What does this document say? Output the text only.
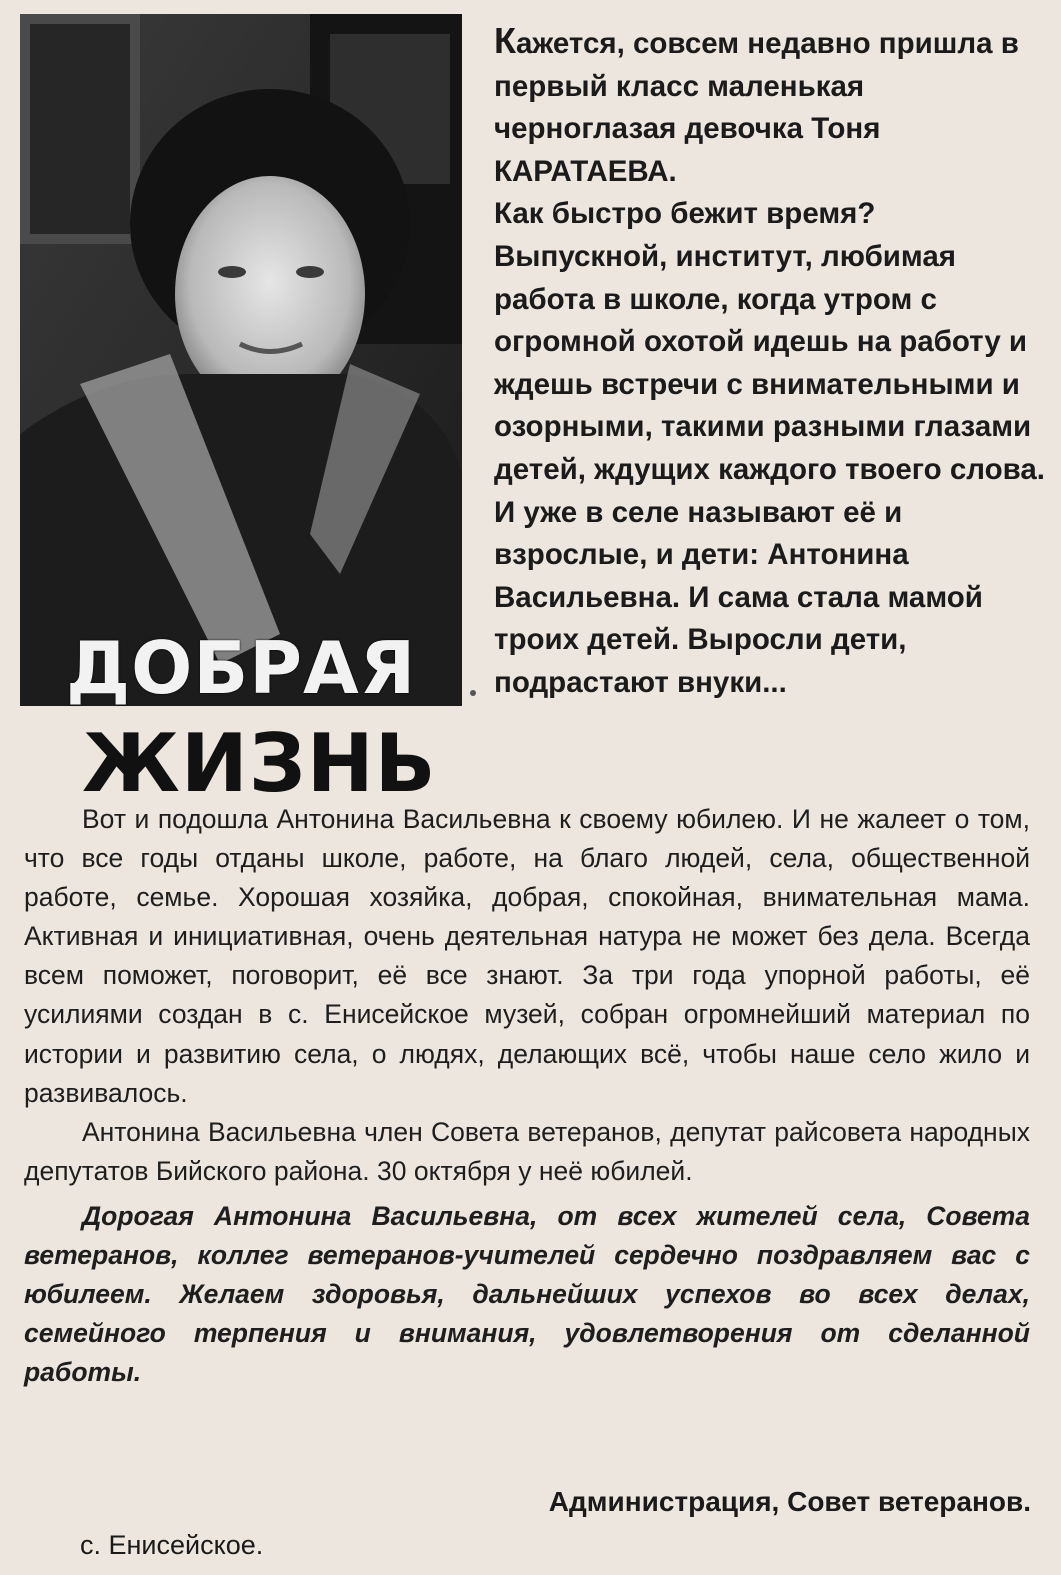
ДОБРАЯ
ЖИЗНЬ

Кажется, совсем недавно пришла в первый класс маленькая черноглазая девочка Тоня КАРАТАЕВА.

Как быстро бежит время? Выпускной, институт, любимая работа в школе, когда утром с огромной охотой идешь на работу и ждешь встречи с внимательными и озорными, такими разными глазами детей, ждущих каждого твоего слова.

И уже в селе называют её и взрослые, и дети: Антонина Васильевна. И сама стала мамой троих детей. Выросли дети, подрастают внуки...

Вот и подошла Антонина Васильевна к своему юбилею. И не жалеет о том, что все годы отданы школе, работе, на благо людей, села, общественной работе, семье. Хорошая хозяйка, добрая, спокойная, внимательная мама. Активная и инициативная, очень деятельная натура не может без дела. Всегда всем поможет, поговорит, её все знают. За три года упорной работы, её усилиями создан в с. Енисейское музей, собран огромнейший материал по истории и развитию села, о людях, делающих всё, чтобы наше село жило и развивалось.

Антонина Васильевна член Совета ветеранов, депутат райсовета народных депутатов Бийского района. 30 октября у неё юбилей.

Дорогая Антонина Васильевна, от всех жителей села, Совета ветеранов, коллег ветеранов-учителей сердечно поздравляем вас с юбилеем. Желаем здоровья, дальнейших успехов во всех делах, семейного терпения и внимания, удовлетворения от сделанной работы.

Администрация, Совет ветеранов.
с. Енисейское.
